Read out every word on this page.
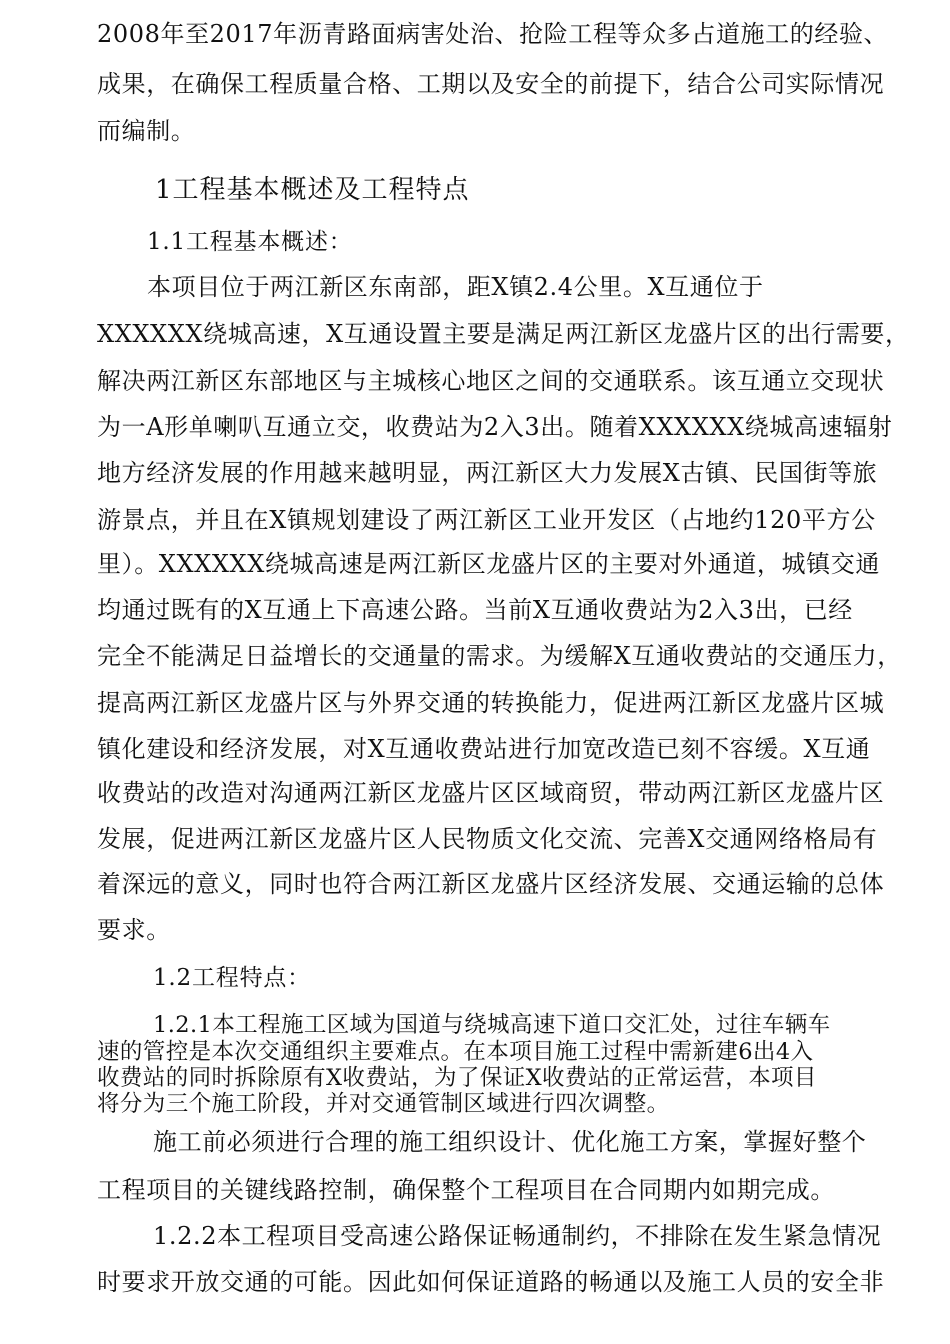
2008年至2017年沥青路面病害处治、抢险工程等众多占道施工的经验、
成果，在确保工程质量合格、工期以及安全的前提下，结合公司实际情况
而编制。
1工程基本概述及工程特点
1.1工程基本概述：
本项目位于两江新区东南部，距X镇2.4公里。X互通位于
XXXXXX绕城高速，X互通设置主要是满足两江新区龙盛片区的出行需要，
解决两江新区东部地区与主城核心地区之间的交通联系。该互通立交现状
为一A形单喇叭互通立交，收费站为2入3出。随着XXXXXX绕城高速辐射
地方经济发展的作用越来越明显，两江新区大力发展X古镇、民国街等旅
游景点，并且在X镇规划建设了两江新区工业开发区（占地约120平方公
里）。XXXXXX绕城高速是两江新区龙盛片区的主要对外通道，城镇交通
均通过既有的X互通上下高速公路。当前X互通收费站为2入3出，已经
完全不能满足日益增长的交通量的需求。为缓解X互通收费站的交通压力，
提高两江新区龙盛片区与外界交通的转换能力，促进两江新区龙盛片区城
镇化建设和经济发展，对X互通收费站进行加宽改造已刻不容缓。X互通
收费站的改造对沟通两江新区龙盛片区区域商贸，带动两江新区龙盛片区
发展，促进两江新区龙盛片区人民物质文化交流、完善X交通网络格局有
着深远的意义，同时也符合两江新区龙盛片区经济发展、交通运输的总体
要求。
1.2工程特点：
1.2.1本工程施工区域为国道与绕城高速下道口交汇处，过往车辆车
速的管控是本次交通组织主要难点。在本项目施工过程中需新建6出4入
收费站的同时拆除原有X收费站，为了保证X收费站的正常运营，本项目
将分为三个施工阶段，并对交通管制区域进行四次调整。
施工前必须进行合理的施工组织设计、优化施工方案，掌握好整个
工程项目的关键线路控制，确保整个工程项目在合同期内如期完成。
1.2.2本工程项目受高速公路保证畅通制约，不排除在发生紧急情况
时要求开放交通的可能。因此如何保证道路的畅通以及施工人员的安全非
